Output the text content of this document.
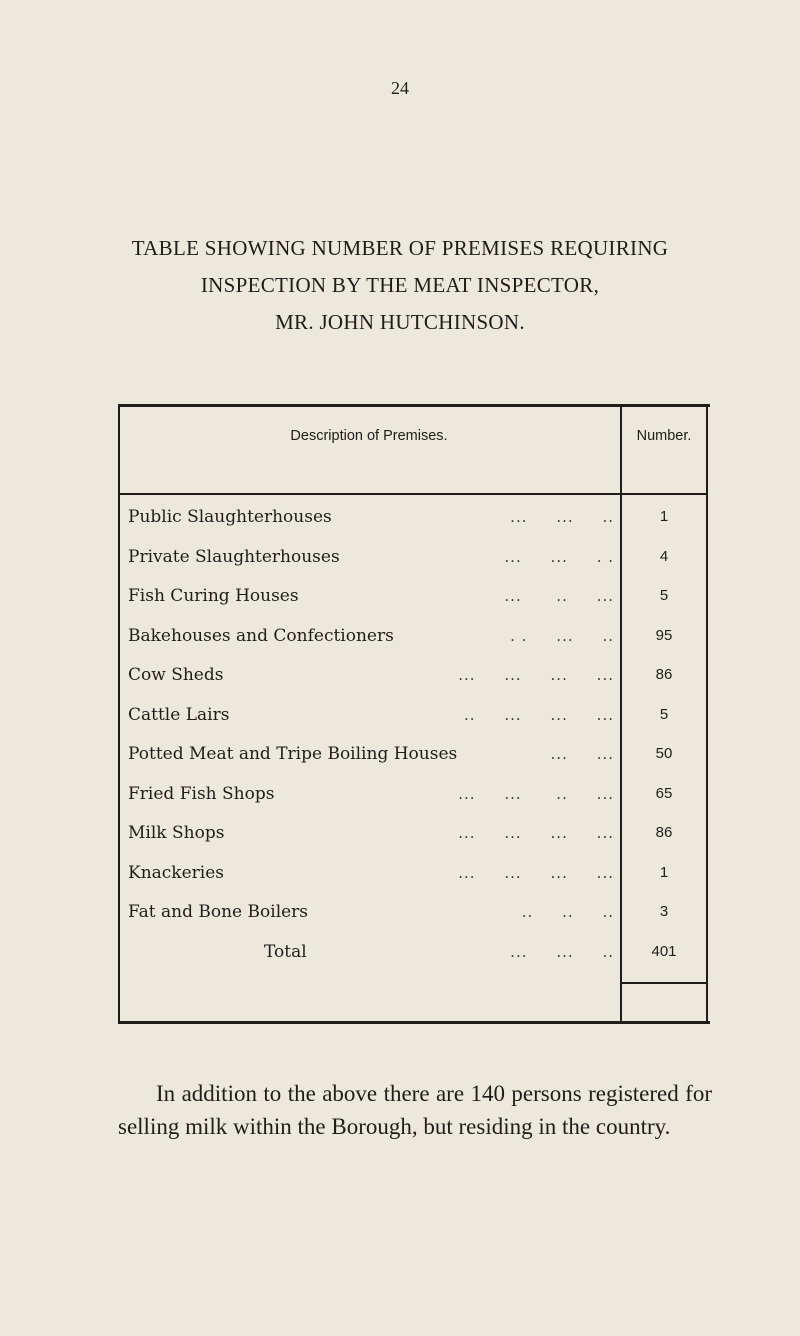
24
TABLE SHOWING NUMBER OF PREMISES REQUIRING
INSPECTION BY THE MEAT INSPECTOR,
MR. JOHN HUTCHINSON.
Description of Premises.	Number.
Public Slaughterhouses	...     ...     ..	1
Private Slaughterhouses	...     ...     . .	4
Fish Curing Houses	...      ..     ...	5
Bakehouses and Confectioners	. .     ...     ..	95
Cow Sheds	...     ...     ...     ...	86
Cattle Lairs	..     ...     ...     ...	5
Potted Meat and Tripe Boiling Houses	...     ...	50
Fried Fish Shops	...     ...      ..     ...	65
Milk Shops	...     ...     ...     ...	86
Knackeries	...     ...     ...     ...	1
Fat and Bone Boilers	..     ..     ..	3
Total	...     ...     ..	401

In addition to the above there are 140 persons registered for selling milk within the Borough, but residing in the country.
